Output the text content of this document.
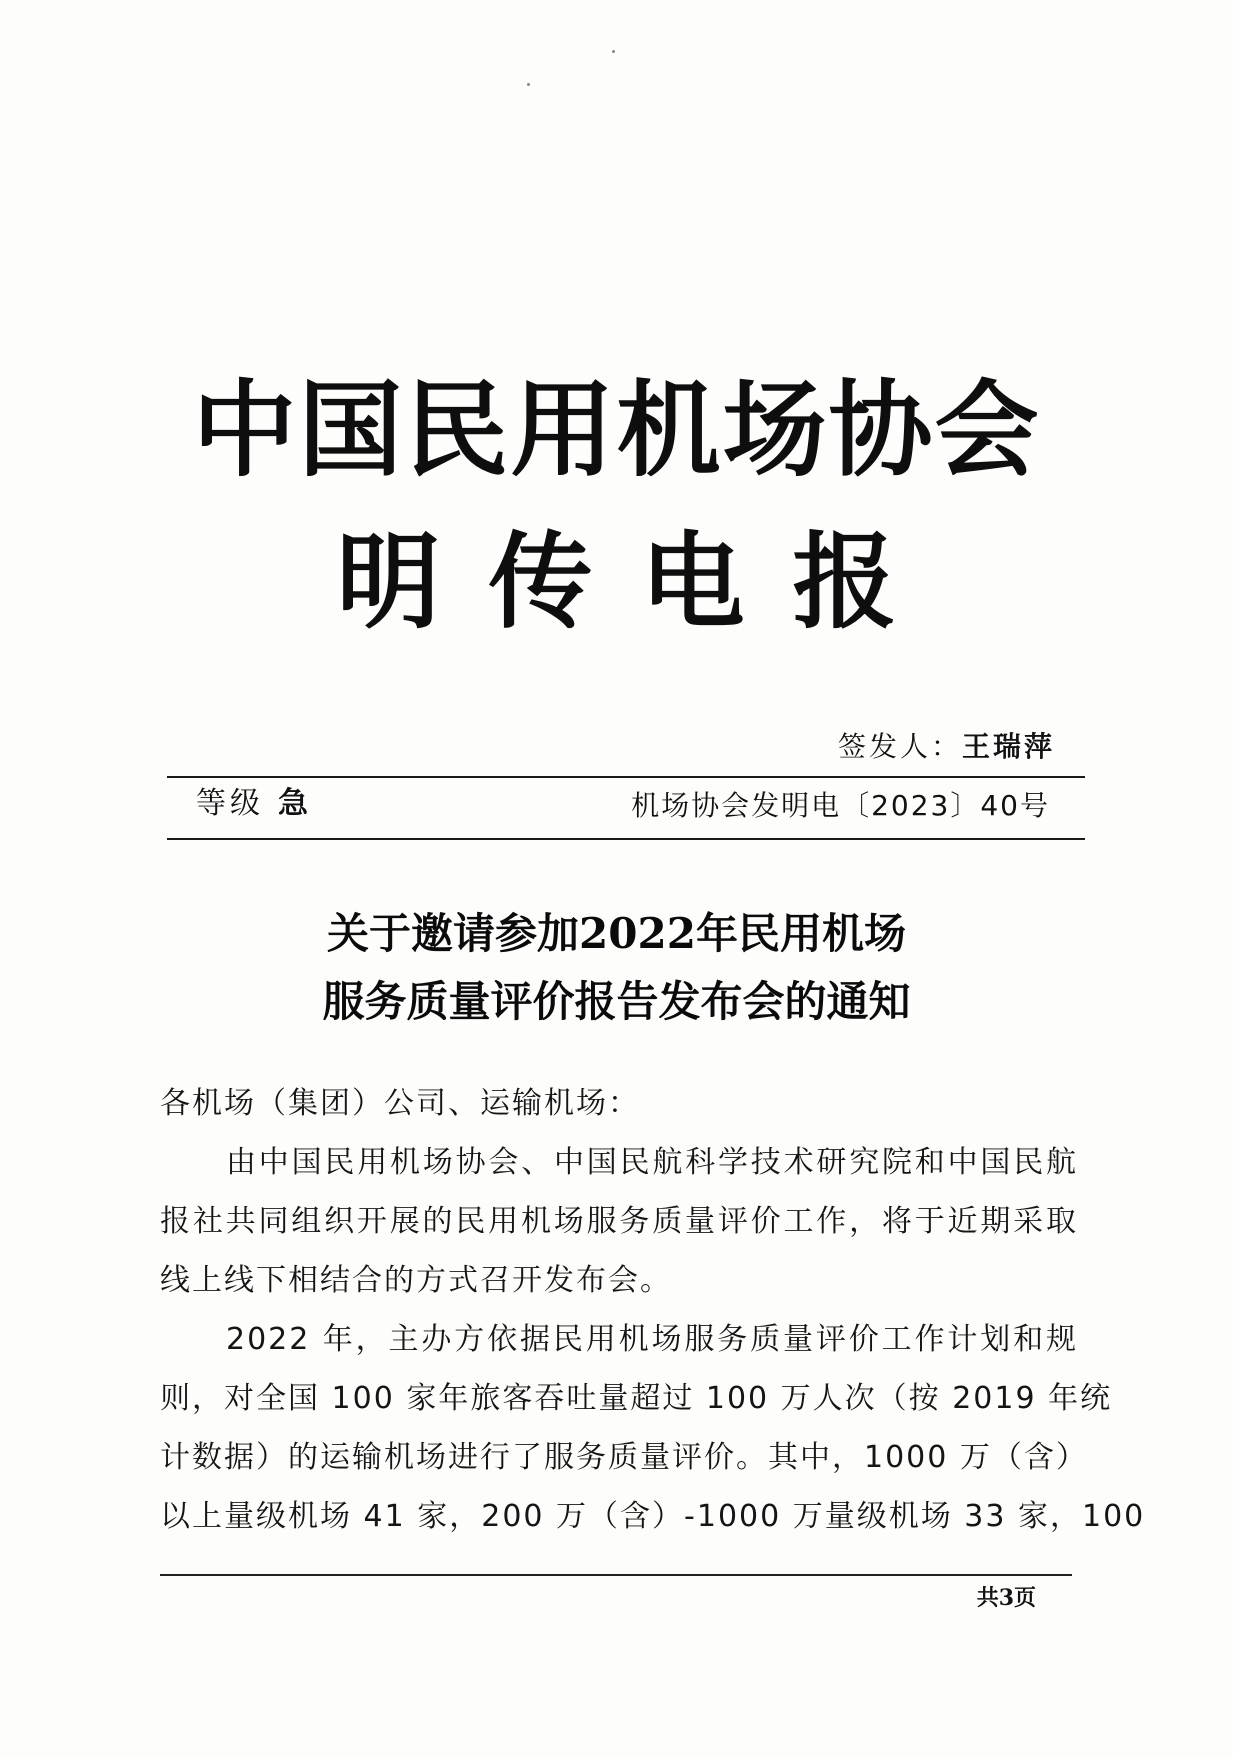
中国民用机场协会
明传电报
签发人：王瑞萍
等级 急	机场协会发明电〔2023〕40号
关于邀请参加2022年民用机场
服务质量评价报告发布会的通知
各机场（集团）公司、运输机场：
由中国民用机场协会、中国民航科学技术研究院和中国民航
报社共同组织开展的民用机场服务质量评价工作，将于近期采取
线上线下相结合的方式召开发布会。
2022 年，主办方依据民用机场服务质量评价工作计划和规
则，对全国 100 家年旅客吞吐量超过 100 万人次（按 2019 年统
计数据）的运输机场进行了服务质量评价。其中，1000 万（含）
以上量级机场 41 家，200 万（含）-1000 万量级机场 33 家，100
共3页
